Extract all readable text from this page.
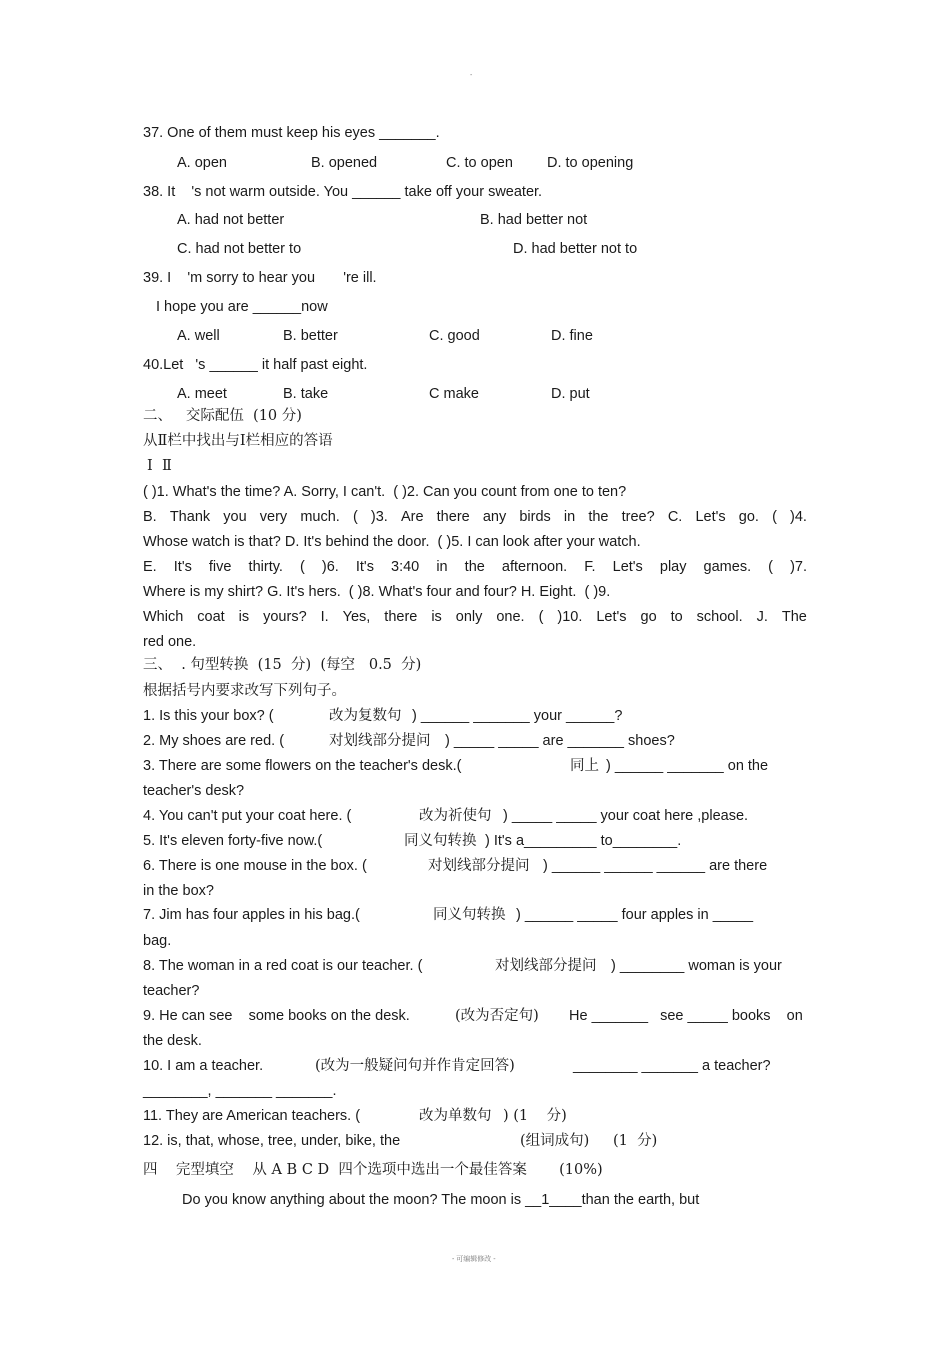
-
37. One of them must keep his eyes _______.
A. open	B. opened	C. to open D. to opening
38. It    's not warm outside. You ______ take off your sweater.
A. had not better	B. had better not
C. had not better to	D. had better not to
39. I    'm sorry to hear you       're ill.
I hope you are ______now
A. well	B. better	C. good	D. fine
40.Let   's ______ it half past eight.
A. meet	B. take	C make	D. put
二、   交际配伍  (10 分)
从Ⅱ栏中找出与Ⅰ栏相应的答语
Ⅰ  Ⅱ
( )1. What's the time? A. Sorry, I can't.  ( )2. Can you count from one to ten?
B. Thank you very much. ( )3. Are there any birds in the tree? C. Let's go. ( )4.
Whose watch is that? D. It's behind the door.  ( )5. I can look after your watch.
E. It's five thirty. ( )6. It's 3:40 in the afternoon. F. Let's play games. ( )7.
Where is my shirt? G. It's hers.  ( )8. What's four and four? H. Eight.  ( )9.
Which coat is yours? I. Yes, there is only one. ( )10. Let's go to school. J. The
red one.
三、  . 句型转换  (15  分)  (每空   0.5  分)
根据括号内要求改写下列句子。
1. Is this your box? (	改为复数句 ) ______ _______ your ______?
2. My shoes are red. (	对划线部分提问 ) _____ _____ are _______ shoes?
3. There are some flowers on the teacher's desk.(	同上 ) ______ _______ on the
teacher's desk?
4. You can't put your coat here. (	改为祈使句 ) _____ _____ your coat here ,please.
5. It's eleven forty-five now.(	同义句转换 ) It's a_________ to________.
6. There is one mouse in the box. (	对划线部分提问 ) ______ ______ ______ are there
in the box?
7. Jim has four apples in his bag.(	同义句转换 ) ______ _____ four apples in _____
bag.
8. The woman in a red coat is our teacher. (	对划线部分提问 ) ________ woman is your
teacher?
9. He can see    some books on the desk.	(改为否定句) He _______   see _____ books    on
the desk.
10. I am a teacher.	(改为一般疑问句并作肯定回答)	________ _______ a teacher?
________, _______ _______.
11. They are American teachers. (	改为单数句 ) (1    分)
12. is, that, whose, tree, under, bike, the	(组词成句) (1  分)
四    完型填空    从 A B C D  四个选项中选出一个最佳答案       (10%)
Do you know anything about the moon? The moon is __1____than the earth, but
- 可编辑修改 -
